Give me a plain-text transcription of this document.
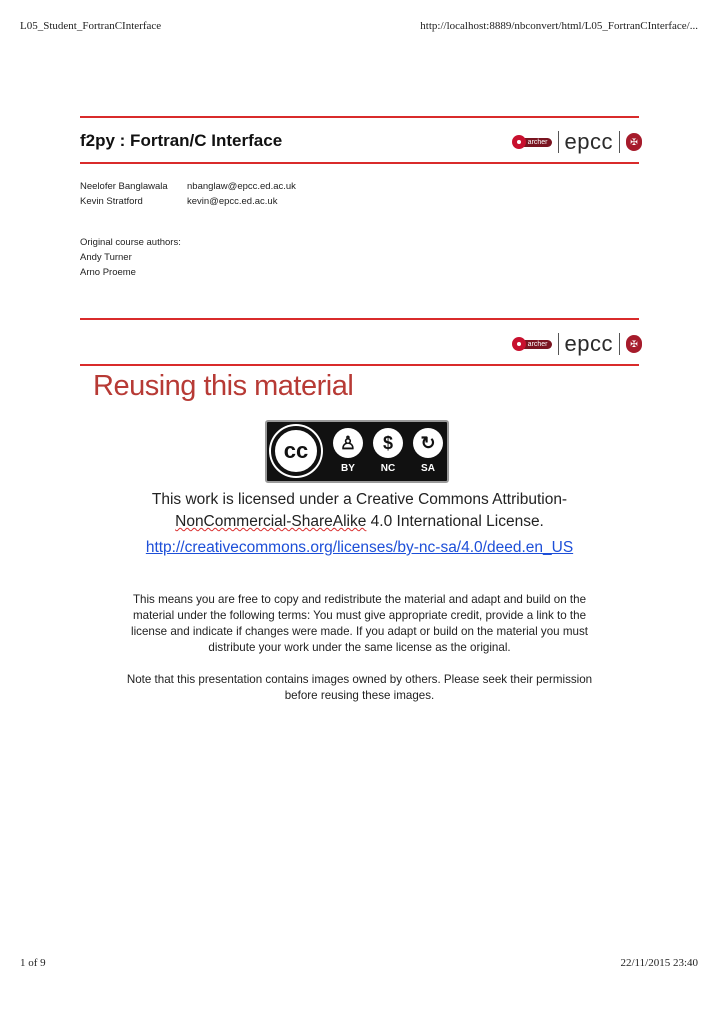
L05_Student_FortranCInterface	http://localhost:8889/nbconvert/html/L05_FortranCInterface/...
f2py : Fortran/C Interface	archer epcc	✠
Neelofer Banglawala	nbanglaw@epcc.ed.ac.uk
Kevin Stratford	kevin@epcc.ed.ac.uk
Original course authors:
Andy Turner
Arno Proeme
archer epcc	✠
Reusing this material
cc	♙	$	↻
BY	NC	SA
This work is licensed under a Creative Commons Attribution-
NonCommercial-ShareAlike 4.0 International License.
http://creativecommons.org/licenses/by-nc-sa/4.0/deed.en_US
This means you are free to copy and redistribute the material and adapt and build on the
material under the following terms: You must give appropriate credit, provide a link to the
license and indicate if changes were made. If you adapt or build on the material you must
distribute your work under the same license as the original.
Note that this presentation contains images owned by others. Please seek their permission
before reusing these images.
1 of 9	22/11/2015 23:40
